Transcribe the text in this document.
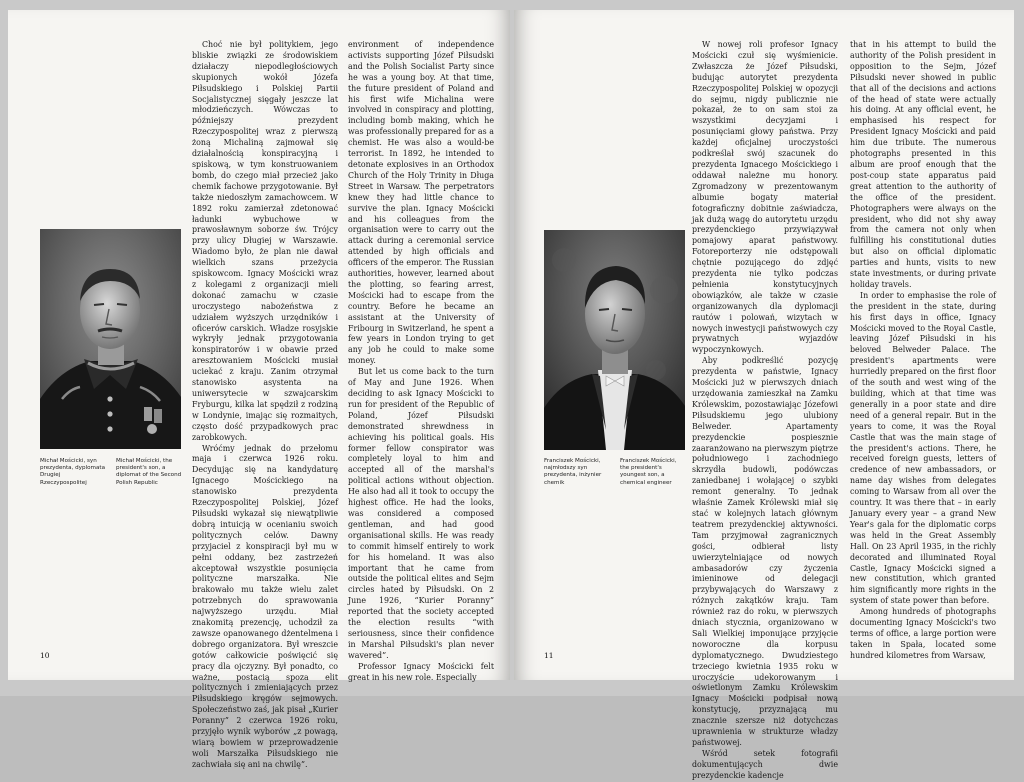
Michał Mościcki, syn prezydenta, dyplomata Drugiej Rzeczypospolitej
Michał Mościcki, the president's son, a diplomat of the Second Polish Republic

Choć nie był politykiem, jego bliskie związki ze środowiskiem działaczy niepodległościowych skupionych wokół Józefa Piłsudskiego i Polskiej Partii Socjalistycznej sięgały jeszcze lat młodzieńczych. Wówczas to późniejszy prezydent Rzeczypospolitej wraz z pierwszą żoną Michaliną zajmował się działalnością konspiracyjną i spiskową, w tym konstruowaniem bomb, do czego miał przecież jako chemik fachowe przygotowanie. Był także niedoszłym zamachowcem. W 1892 roku zamierzał zdetonować ładunki wybuchowe w prawosławnym soborze św. Trójcy przy ulicy Długiej w Warszawie. Wiadomo było, że plan nie dawał wielkich szans przeżycia spiskowcom. Ignacy Mościcki wraz z kolegami z organizacji mieli dokonać zamachu w czasie uroczystego nabożeństwa z udziałem wyższych urzędników i oficerów carskich. Władze rosyjskie wykryły jednak przygotowania konspiratorów i w obawie przed aresztowaniem Mościcki musiał uciekać z kraju. Zanim otrzymał stanowisko asystenta na uniwersytecie w szwajcarskim Fryburgu, kilka lat spędził z rodziną w Londynie, imając się rozmaitych, często dość przypadkowych prac zarobkowych.

Wróćmy jednak do przełomu maja i czerwca 1926 roku. Decydując się na kandydaturę Ignacego Mościckiego na stanowisko prezydenta Rzeczypospolitej Polskiej, Józef Piłsudski wykazał się niewątpliwie dobrą intuicją w ocenianiu swoich politycznych celów. Dawny przyjaciel z konspiracji był mu w pełni oddany, bez zastrzeżeń akceptował wszystkie posunięcia polityczne marszałka. Nie brakowało mu także wielu zalet potrzebnych do sprawowania najwyższego urzędu. Miał znakomitą prezencję, uchodził za zawsze opanowanego dżentelmena i dobrego organizatora. Był wreszcie gotów całkowicie poświęcić się pracy dla ojczyzny. Był ponadto, co ważne, postacią spoza elit politycznych i zmieniających przez Piłsudskiego kręgów sejmowych. Społeczeństwo zaś, jak pisał „Kurier Poranny” 2 czerwca 1926 roku, przyjęło wynik wyborów „z powagą, wiarą bowiem w przeprowadzenie woli Marszałka Piłsudskiego nie zachwiała się ani na chwilę”.

environment of independence activists supporting Józef Piłsudski and the Polish Socialist Party since he was a young boy. At that time, the future president of Poland and his first wife Michalina were involved in conspiracy and plotting, including bomb making, which he was professionally prepared for as a chemist. He was also a would-be terrorist. In 1892, he intended to detonate explosives in an Orthodox Church of the Holy Trinity in Długa Street in Warsaw. The perpetrators knew they had little chance to survive the plan. Ignacy Mościcki and his colleagues from the organisation were to carry out the attack during a ceremonial service attended by high officials and officers of the emperor. The Russian authorities, however, learned about the plotting, so fearing arrest, Mościcki had to escape from the country. Before he became an assistant at the University of Fribourg in Switzerland, he spent a few years in London trying to get any job he could to make some money.

But let us come back to the turn of May and June 1926. When deciding to ask Ignacy Mościcki to run for president of the Republic of Poland, Józef Piłsudski demonstrated shrewdness in achieving his political goals. His former fellow conspirator was completely loyal to him and accepted all of the marshal's political actions without objection. He also had all it took to occupy the highest office. He had the looks, was considered a composed gentleman, and had good organisational skills. He was ready to commit himself entirely to work for his homeland. It was also important that he came from outside the political elites and Sejm circles hated by Piłsudski. On 2 June 1926, “Kurier Poranny” reported that the society accepted the election results “with seriousness, since their confidence in Marshal Piłsudski's plan never wavered”.

Professor Ignacy Mościcki felt great in his new role. Especially

10
Franciszek Mościcki, najmłodszy syn prezydenta, inżynier chemik
Franciszek Mościcki, the president's youngest son, a chemical engineer

W nowej roli profesor Ignacy Mościcki czuł się wyśmienicie. Zwłaszcza że Józef Piłsudski, budując autorytet prezydenta Rzeczypospolitej Polskiej w opozycji do sejmu, nigdy publicznie nie pokazał, że to on sam stoi za wszystkimi decyzjami i posunięciami głowy państwa. Przy każdej oficjalnej uroczystości podkreślał swój szacunek do prezydenta Ignacego Mościckiego i oddawał należne mu honory. Zgromadzony w prezentowanym albumie bogaty materiał fotograficzny dobitnie zaświadcza, jak dużą wagę do autorytetu urzędu prezydenckiego przywiązywał pomajowy aparat państwowy. Fotoreporterzy nie odstępowali chętnie pozującego do zdjęć prezydenta nie tylko podczas pełnienia konstytucyjnych obowiązków, ale także w czasie organizowanych dla dyplomacji rautów i polowań, wizytach w nowych inwestycji państwowych czy prywatnych wyjazdów wypoczynkowych.

Aby podkreślić pozycję prezydenta w państwie, Ignacy Mościcki już w pierwszych dniach urzędowania zamieszkał na Zamku Królewskim, pozostawiając Józefowi Piłsudskiemu jego ulubiony Belweder. Apartamenty prezydenckie pospiesznie zaaranżowano na pierwszym piętrze południowego i zachodniego skrzydła budowli, podówczas zaniedbanej i wołającej o szybki remont generalny. To jednak właśnie Zamek Królewski miał się stać w kolejnych latach głównym teatrem prezydenckiej aktywności. Tam przyjmował zagranicznych gości, odbierał listy uwierzytelniające od nowych ambasadorów czy życzenia imieninowe od delegacji przybywających do Warszawy z różnych zakątków kraju. Tam również raz do roku, w pierwszych dniach stycznia, organizowano w Sali Wielkiej imponujące przyjęcie noworoczne dla korpusu dyplomatycznego. Dwudziestego trzeciego kwietnia 1935 roku w uroczyście udekorowanym i oświetlonym Zamku Królewskim Ignacy Mościcki podpisał nową konstytucję, przyznającą mu znacznie szersze niż dotychczas uprawnienia w strukturze władzy państwowej.

Wśród setek fotografii dokumentujących dwie prezydenckie kadencje

that in his attempt to build the authority of the Polish president in opposition to the Sejm, Józef Piłsudski never showed in public that all of the decisions and actions of the head of state were actually his doing. At any official event, he emphasised his respect for President Ignacy Mościcki and paid him due tribute. The numerous photographs presented in this album are proof enough that the post-coup state apparatus paid great attention to the authority of the office of the president. Photographers were always on the president, who did not shy away from the camera not only when fulfilling his constitutional duties but also on official diplomatic parties and hunts, visits to new state investments, or during private holiday travels.

In order to emphasise the role of the president in the state, during his first days in office, Ignacy Mościcki moved to the Royal Castle, leaving Józef Piłsudski in his beloved Belweder Palace. The president's apartments were hurriedly prepared on the first floor of the south and west wing of the building, which at that time was generally in a poor state and dire need of a general repair. But in the years to come, it was the Royal Castle that was the main stage of the president's actions. There, he received foreign guests, letters of credence of new ambassadors, or name day wishes from delegates coming to Warsaw from all over the country. It was there that – in early January every year – a grand New Year's gala for the diplomatic corps was held in the Great Assembly Hall. On 23 April 1935, in the richly decorated and illuminated Royal Castle, Ignacy Mościcki signed a new constitution, which granted him significantly more rights in the system of state power than before.

Among hundreds of photographs documenting Ignacy Mościcki's two terms of office, a large portion were taken in Spała, located some hundred kilometres from Warsaw,

11
